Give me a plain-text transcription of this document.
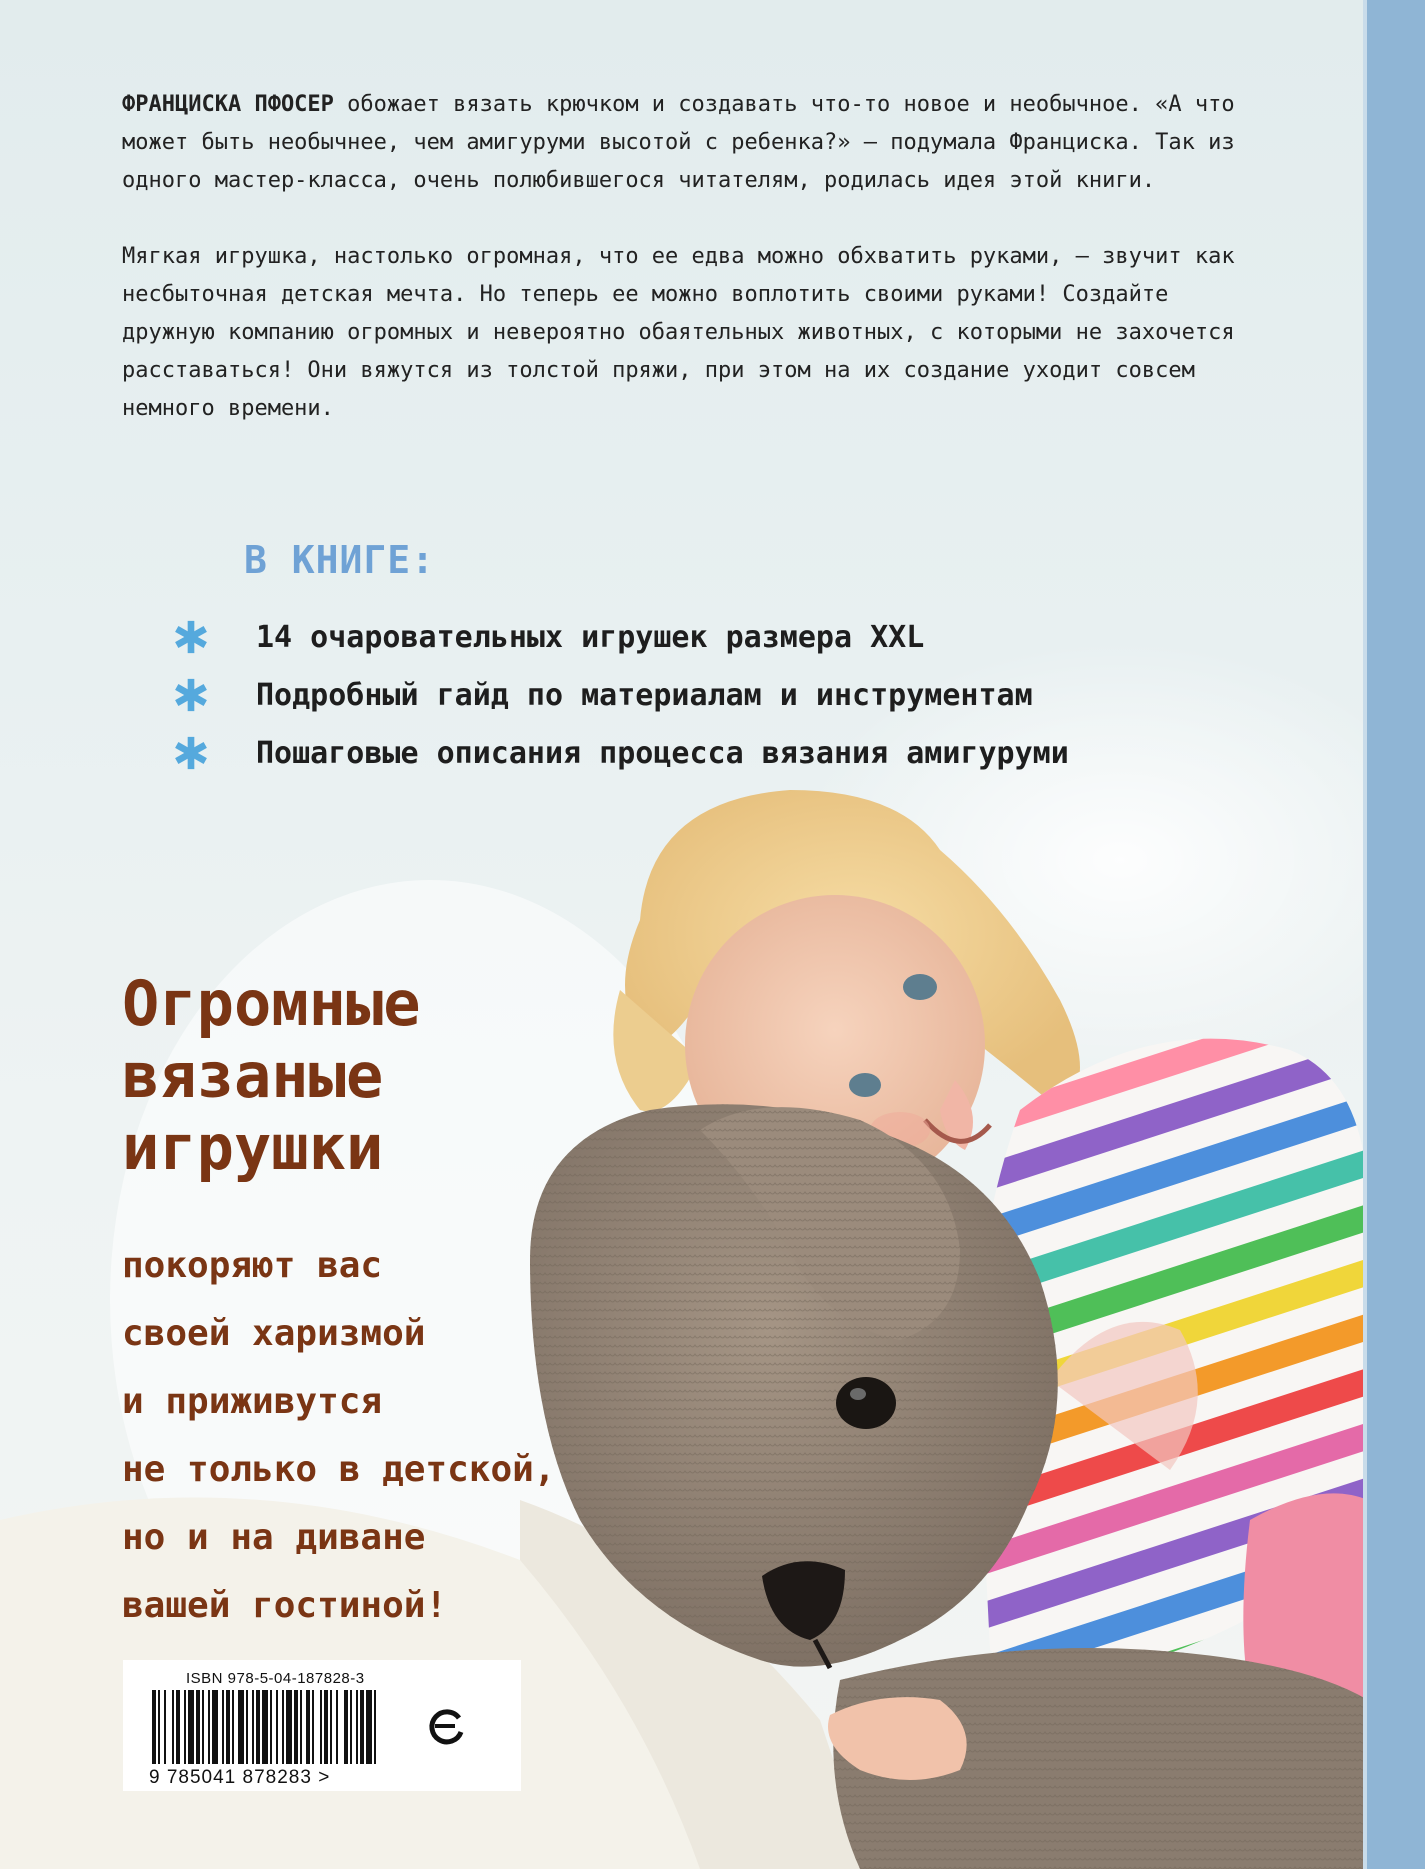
ФРАНЦИСКА ПФОСЕР обожает вязать крючком и создавать что-то новое и необычное. «А что может быть необычнее, чем амигуруми высотой с ребенка?» — подумала Франциска. Так из одного мастер-класса, очень полюбившегося читателям, родилась идея этой книги.

Мягкая игрушка, настолько огромная, что ее едва можно обхватить руками, — звучит как несбыточная детская мечта. Но теперь ее можно воплотить своими руками! Создайте дружную компанию огромных и невероятно обаятельных животных, с которыми не захочется расставаться! Они вяжутся из толстой пряжи, при этом на их создание уходит совсем немного времени.

В КНИГЕ:
14 очаровательных игрушек размера XXL
Подробный гайд по материалам и инструментам
Пошаговые описания процесса вязания амигуруми
Огромные
вязаные
игрушки
покоряют вас
своей харизмой
и приживутся
не только в детской,
но и на диване
вашей гостиной!
ISBN 978-5-04-187828-3
9 785041 878283 >
